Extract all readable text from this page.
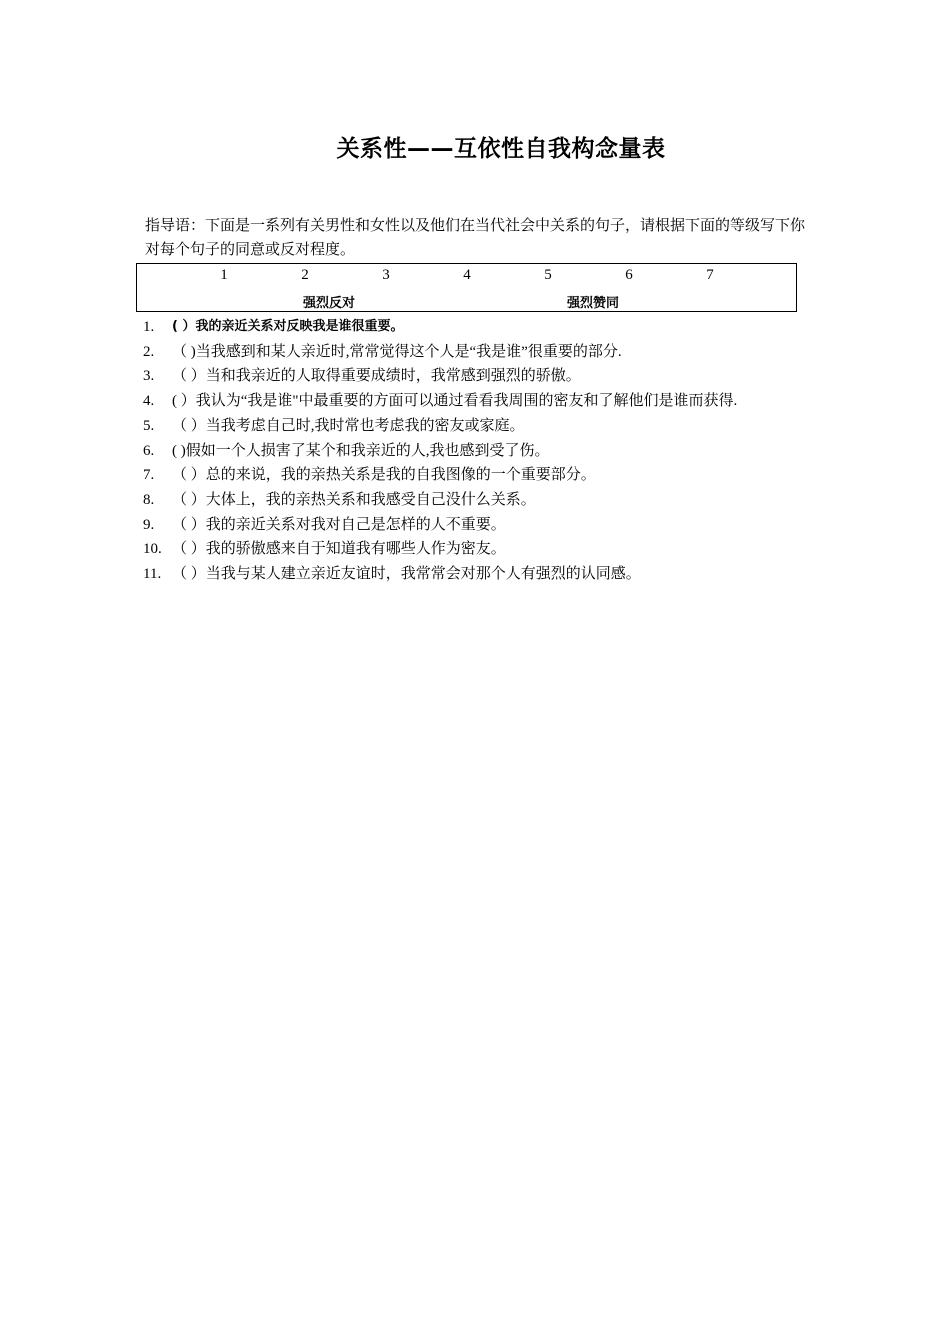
关系性——互依性自我构念量表
指导语：下面是一系列有关男性和女性以及他们在当代社会中关系的句子，请根据下面的等级写下你对每个句子的同意或反对程度。
1	2	3	4	5	6	7
强烈反对	强烈赞同
1. ( ）我的亲近关系对反映我是谁很重要。
2. （ )当我感到和某人亲近时,常常觉得这个人是“我是谁”很重要的部分.
3. （ ）当和我亲近的人取得重要成绩时，我常感到强烈的骄傲。
4. ( ）我认为“我是谁"中最重要的方面可以通过看看我周围的密友和了解他们是谁而获得.
5. （ ）当我考虑自己时,我时常也考虑我的密友或家庭。
6. ( )假如一个人损害了某个和我亲近的人,我也感到受了伤。
7. （ ）总的来说，我的亲热关系是我的自我图像的一个重要部分。
8. （ ）大体上，我的亲热关系和我感受自己没什么关系。
9. （ ）我的亲近关系对我对自己是怎样的人不重要。
10. （ ）我的骄傲感来自于知道我有哪些人作为密友。
11. （ ）当我与某人建立亲近友谊时，我常常会对那个人有强烈的认同感。
